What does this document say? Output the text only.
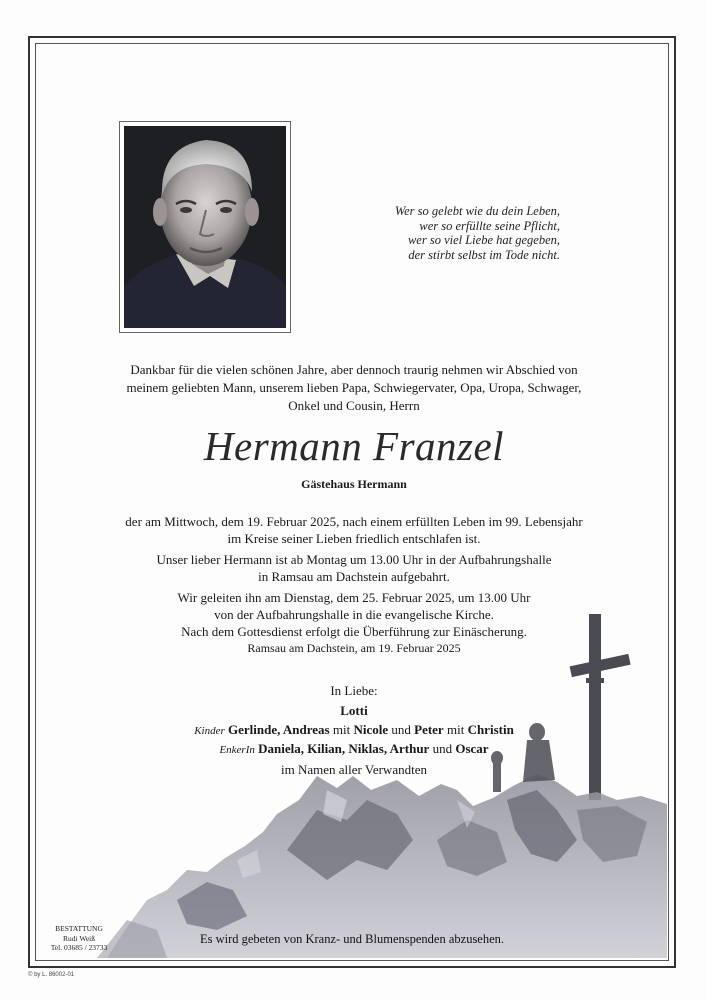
Wer so gelebt wie du dein Leben,
wer so erfüllte seine Pflicht,
wer so viel Liebe hat gegeben,
der stirbt selbst im Tode nicht.
Dankbar für die vielen schönen Jahre, aber dennoch traurig nehmen wir Abschied von
meinem geliebten Mann, unserem lieben Papa, Schwiegervater, Opa, Uropa, Schwager,
Onkel und Cousin, Herrn
Hermann Franzel
Gästehaus Hermann
der am Mittwoch, dem 19. Februar 2025, nach einem erfüllten Leben im 99. Lebensjahr
im Kreise seiner Lieben friedlich entschlafen ist.
Unser lieber Hermann ist ab Montag um 13.00 Uhr in der Aufbahrungshalle
in Ramsau am Dachstein aufgebahrt.
Wir geleiten ihn am Dienstag, dem 25. Februar 2025, um 13.00 Uhr
von der Aufbahrungshalle in die evangelische Kirche.
Nach dem Gottesdienst erfolgt die Überführung zur Einäscherung.
Ramsau am Dachstein, am 19. Februar 2025
In Liebe:
Lotti
Kinder Gerlinde, Andreas mit Nicole und Peter mit Christin
EnkerIn Daniela, Kilian, Niklas, Arthur und Oscar
im Namen aller Verwandten
BESTATTUNG
Rudi Weiß
Tel. 03685 / 23733
Es wird gebeten von Kranz- und Blumenspenden abzusehen.
© by L. 86002-01
